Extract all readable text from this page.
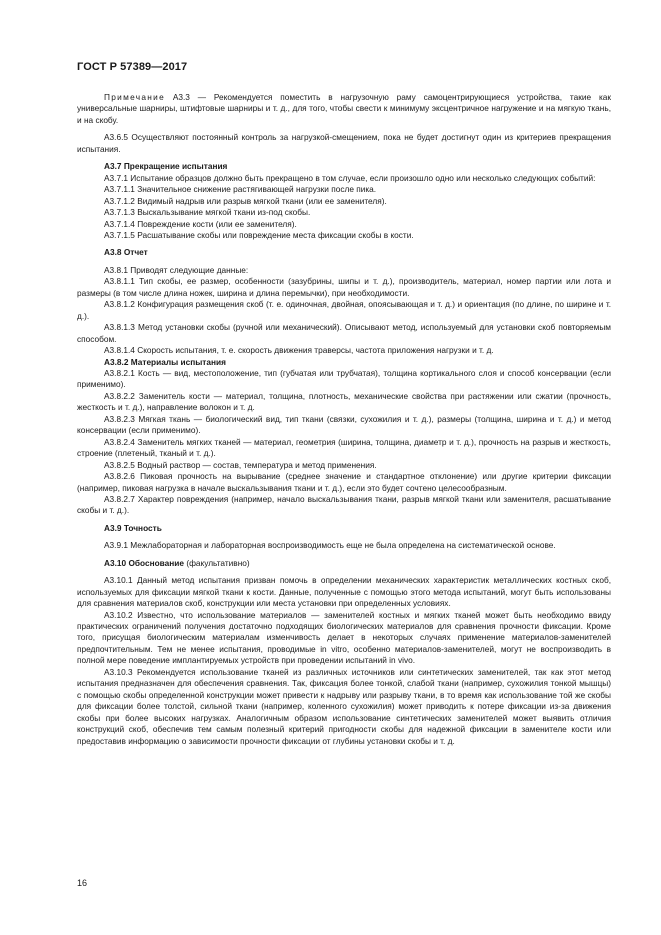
ГОСТ Р 57389—2017

Примечание А3.3 — Рекомендуется поместить в нагрузочную раму самоцентрирующиеся устройства, такие как универсальные шарниры, штифтовые шарниры и т. д., для того, чтобы свести к минимуму эксцентричное нагружение и на мягкую ткань, и на скобу.

А3.6.5 Осуществляют постоянный контроль за нагрузкой-смещением, пока не будет достигнут один из критериев прекращения испытания.

А3.7 Прекращение испытания

А3.7.1 Испытание образцов должно быть прекращено в том случае, если произошло одно или несколько следующих событий:

А3.7.1.1 Значительное снижение растягивающей нагрузки после пика.

А3.7.1.2 Видимый надрыв или разрыв мягкой ткани (или ее заменителя).

А3.7.1.3 Выскальзывание мягкой ткани из-под скобы.

А3.7.1.4 Повреждение кости (или ее заменителя).

А3.7.1.5 Расшатывание скобы или повреждение места фиксации скобы в кости.

А3.8 Отчет

А3.8.1 Приводят следующие данные:

А3.8.1.1 Тип скобы, ее размер, особенности (зазубрины, шипы и т. д.), производитель, материал, номер партии или лота и размеры (в том числе длина ножек, ширина и длина перемычки), при необходимости.

А3.8.1.2 Конфигурация размещения скоб (т. е. одиночная, двойная, опоясывающая и т. д.) и ориентация (по длине, по ширине и т. д.).

А3.8.1.3 Метод установки скобы (ручной или механический). Описывают метод, используемый для установки скоб повторяемым способом.

А3.8.1.4 Скорость испытания, т. е. скорость движения траверсы, частота приложения нагрузки и т. д.

А3.8.2 Материалы испытания

А3.8.2.1 Кость — вид, местоположение, тип (губчатая или трубчатая), толщина кортикального слоя и способ консервации (если применимо).

А3.8.2.2 Заменитель кости — материал, толщина, плотность, механические свойства при растяжении или сжатии (прочность, жесткость и т. д.), направление волокон и т. д.

А3.8.2.3 Мягкая ткань — биологический вид, тип ткани (связки, сухожилия и т. д.), размеры (толщина, ширина и т. д.) и метод консервации (если применимо).

А3.8.2.4 Заменитель мягких тканей — материал, геометрия (ширина, толщина, диаметр и т. д.), прочность на разрыв и жесткость, строение (плетеный, тканый и т. д.).

А3.8.2.5 Водный раствор — состав, температура и метод применения.

А3.8.2.6 Пиковая прочность на вырывание (среднее значение и стандартное отклонение) или другие критерии фиксации (например, пиковая нагрузка в начале выскальзывания ткани и т. д.), если это будет сочтено целесообразным.

А3.8.2.7 Характер повреждения (например, начало выскальзывания ткани, разрыв мягкой ткани или заменителя, расшатывание скобы и т. д.).

А3.9 Точность

А3.9.1 Межлабораторная и лабораторная воспроизводимость еще не была определена на систематической основе.

А3.10 Обоснование (факультативно)

А3.10.1 Данный метод испытания призван помочь в определении механических характеристик металлических костных скоб, используемых для фиксации мягкой ткани к кости. Данные, полученные с помощью этого метода испытаний, могут быть использованы для сравнения материалов скоб, конструкции или места установки при определенных условиях.

А3.10.2 Известно, что использование материалов — заменителей костных и мягких тканей может быть необходимо ввиду практических ограничений получения достаточно подходящих биологических материалов для сравнения прочности фиксации. Кроме того, присущая биологическим материалам изменчивость делает в некоторых случаях применение материалов-заменителей предпочтительным. Тем не менее испытания, проводимые in vitro, особенно материалов-заменителей, могут не воспроизводить в полной мере поведение имплантируемых устройств при проведении испытаний in vivo.

А3.10.3 Рекомендуется использование тканей из различных источников или синтетических заменителей, так как этот метод испытания предназначен для обеспечения сравнения. Так, фиксация более тонкой, слабой ткани (например, сухожилия тонкой мышцы) с помощью скобы определенной конструкции может привести к надрыву или разрыву ткани, в то время как использование той же скобы для фиксации более толстой, сильной ткани (например, коленного сухожилия) может приводить к потере фиксации из-за движения скобы при более высоких нагрузках. Аналогичным образом использование синтетических заменителей может выявить отличия конструкций скоб, обеспечив тем самым полезный критерий пригодности скобы для надежной фиксации в заменителе кости или предоставив информацию о зависимости прочности фиксации от глубины установки скобы и т. д.

16
